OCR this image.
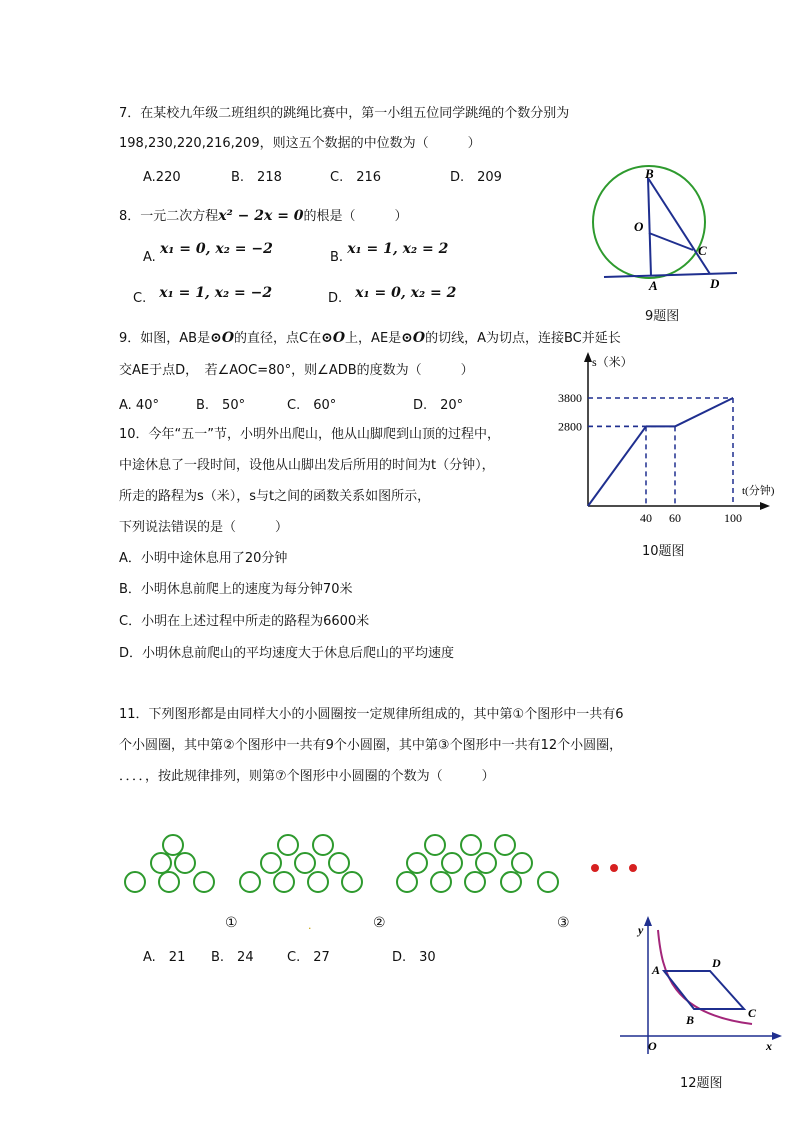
7．在某校九年级二班组织的跳绳比赛中，第一小组五位同学跳绳的个数分别为
198,230,220,216,209，则这五个数据的中位数为（　　　）
A.220	B.　218	C.　216	D.　209
8．一元二次方程x² − 2x = 0的根是（　　　）
A. x₁ = 0, x₂ = −2
B. x₁ = 1, x₂ = 2
C.　 x₁ = 1, x₂ = −2	D.　 x₁ = 0, x₂ = 2
9．如图，AB是⊙O的直径，点C在⊙O上，AE是⊙O的切线，A为切点，连接BC并延长
交AE于点D，　若∠AOC=80°，则∠ADB的度数为（　　　）
A. 40°	B.　50°	C.　60°	D.　20°
10．今年“五一”节，小明外出爬山，他从山脚爬到山顶的过程中，
中途休息了一段时间，设他从山脚出发后所用的时间为t（分钟），
所走的路程为s（米），s与t之间的函数关系如图所示，
下列说法错误的是（　　　）
A．小明中途休息用了20分钟
B．小明休息前爬上的速度为每分钟70米
C．小明在上述过程中所走的路程为6600米
D．小明休息前爬山的平均速度大于休息后爬山的平均速度
11．下列图形都是由同样大小的小圆圈按一定规律所组成的，其中第①个图形中一共有6
个小圆圈，其中第②个图形中一共有9个小圆圈，其中第③个图形中一共有12个小圆圈，
．．．．，按此规律排列，则第⑦个图形中小圆圈的个数为（　　　）
①	.	②	③
A.　21 B.　24	C.　27	D.　30
B
O
C
A	D
9题图
s（米）
t(分钟)
2800
3800
40 60	100
10题图
y
x
O
A	D
B	C
12题图
